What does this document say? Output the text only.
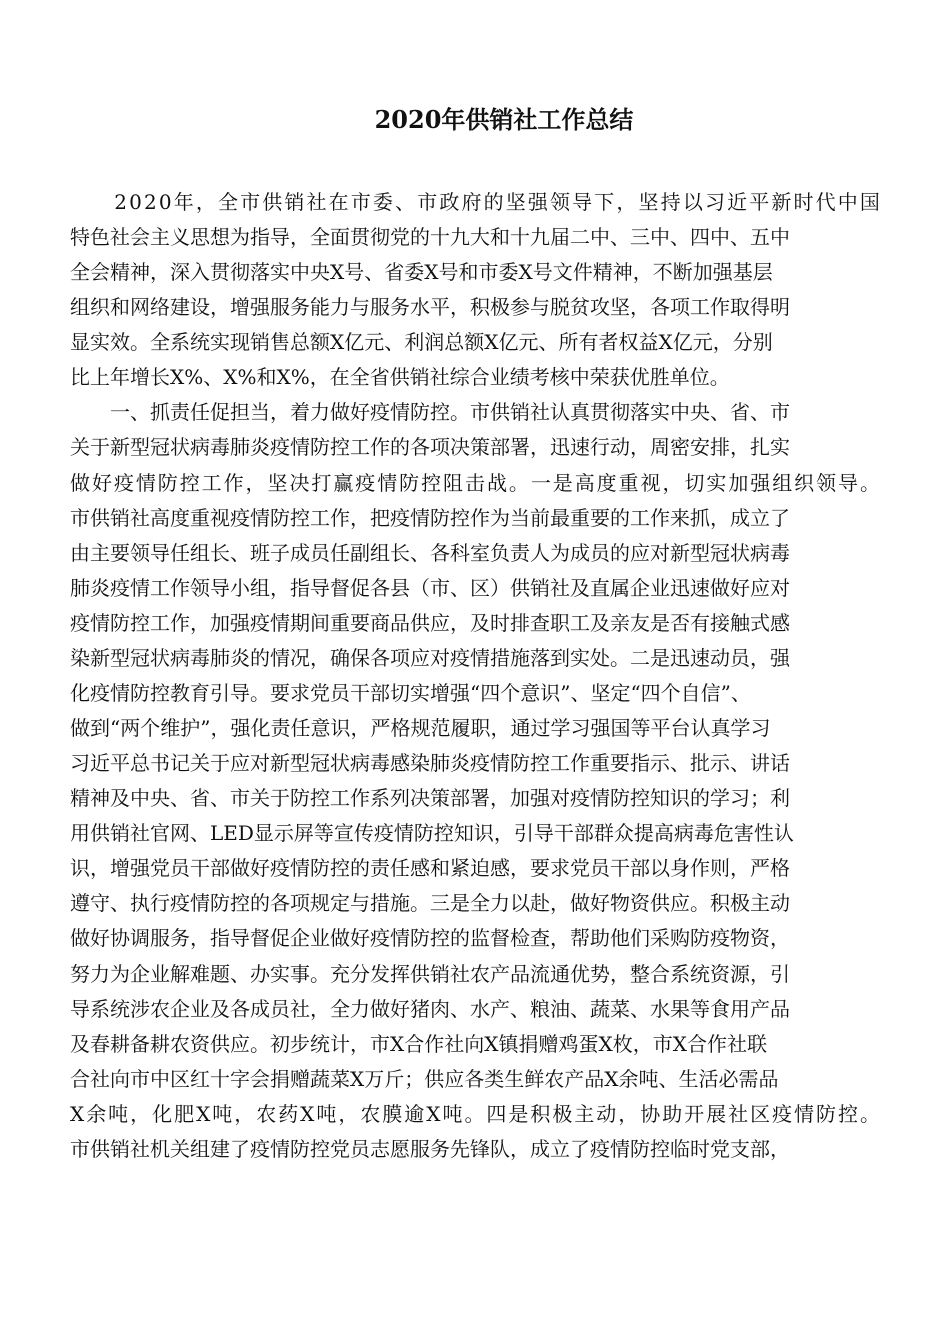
2020年供销社工作总结

　　2020年，全市供销社在市委、市政府的坚强领导下，坚持以习近平新时代中国

特色社会主义思想为指导，全面贯彻党的十九大和十九届二中、三中、四中、五中

全会精神，深入贯彻落实中央X号、省委X号和市委X号文件精神，不断加强基层

组织和网络建设，增强服务能力与服务水平，积极参与脱贫攻坚，各项工作取得明

显实效。全系统实现销售总额X亿元、利润总额X亿元、所有者权益X亿元，分别

比上年增长X%、X%和X%，在全省供销社综合业绩考核中荣获优胜单位。

　　一、抓责任促担当，着力做好疫情防控。市供销社认真贯彻落实中央、省、市

关于新型冠状病毒肺炎疫情防控工作的各项决策部署，迅速行动，周密安排，扎实

做好疫情防控工作，坚决打赢疫情防控阻击战。一是高度重视，切实加强组织领导。

市供销社高度重视疫情防控工作，把疫情防控作为当前最重要的工作来抓，成立了

由主要领导任组长、班子成员任副组长、各科室负责人为成员的应对新型冠状病毒

肺炎疫情工作领导小组，指导督促各县（市、区）供销社及直属企业迅速做好应对

疫情防控工作，加强疫情期间重要商品供应，及时排查职工及亲友是否有接触式感

染新型冠状病毒肺炎的情况，确保各项应对疫情措施落到实处。二是迅速动员，强

化疫情防控教育引导。要求党员干部切实增强“四个意识”、坚定“四个自信”、

做到“两个维护”，强化责任意识，严格规范履职，通过学习强国等平台认真学习

习近平总书记关于应对新型冠状病毒感染肺炎疫情防控工作重要指示、批示、讲话

精神及中央、省、市关于防控工作系列决策部署，加强对疫情防控知识的学习；利

用供销社官网、LED显示屏等宣传疫情防控知识，引导干部群众提高病毒危害性认

识，增强党员干部做好疫情防控的责任感和紧迫感，要求党员干部以身作则，严格

遵守、执行疫情防控的各项规定与措施。三是全力以赴，做好物资供应。积极主动

做好协调服务，指导督促企业做好疫情防控的监督检查，帮助他们采购防疫物资，

努力为企业解难题、办实事。充分发挥供销社农产品流通优势，整合系统资源，引

导系统涉农企业及各成员社，全力做好猪肉、水产、粮油、蔬菜、水果等食用产品

及春耕备耕农资供应。初步统计，市X合作社向X镇捐赠鸡蛋X枚，市X合作社联

合社向市中区红十字会捐赠蔬菜X万斤；供应各类生鲜农产品X余吨、生活必需品

X余吨，化肥X吨，农药X吨，农膜逾X吨。四是积极主动，协助开展社区疫情防控。

市供销社机关组建了疫情防控党员志愿服务先锋队，成立了疫情防控临时党支部，
